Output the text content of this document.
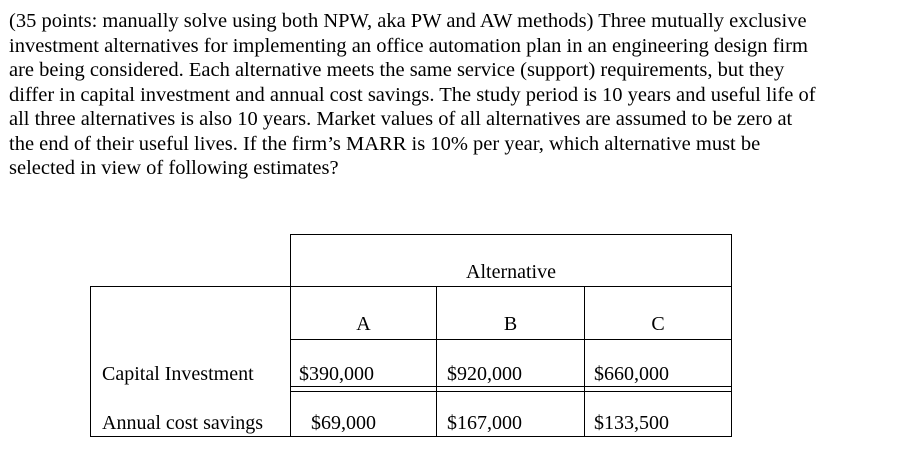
(35 points: manually solve using both NPW, aka PW and AW methods) Three mutually exclusive
investment alternatives for implementing an office automation plan in an engineering design firm
are being considered. Each alternative meets the same service (support) requirements, but they
differ in capital investment and annual cost savings. The study period is 10 years and useful life of
all three alternatives is also 10 years. Market values of all alternatives are assumed to be zero at
the end of their useful lives. If the firm’s MARR is 10% per year, which alternative must be
selected in view of following estimates?
Alternative
A	B	C
Capital Investment $390,000	$920,000	$660,000
Annual cost savings $69,000	$167,000	$133,500
